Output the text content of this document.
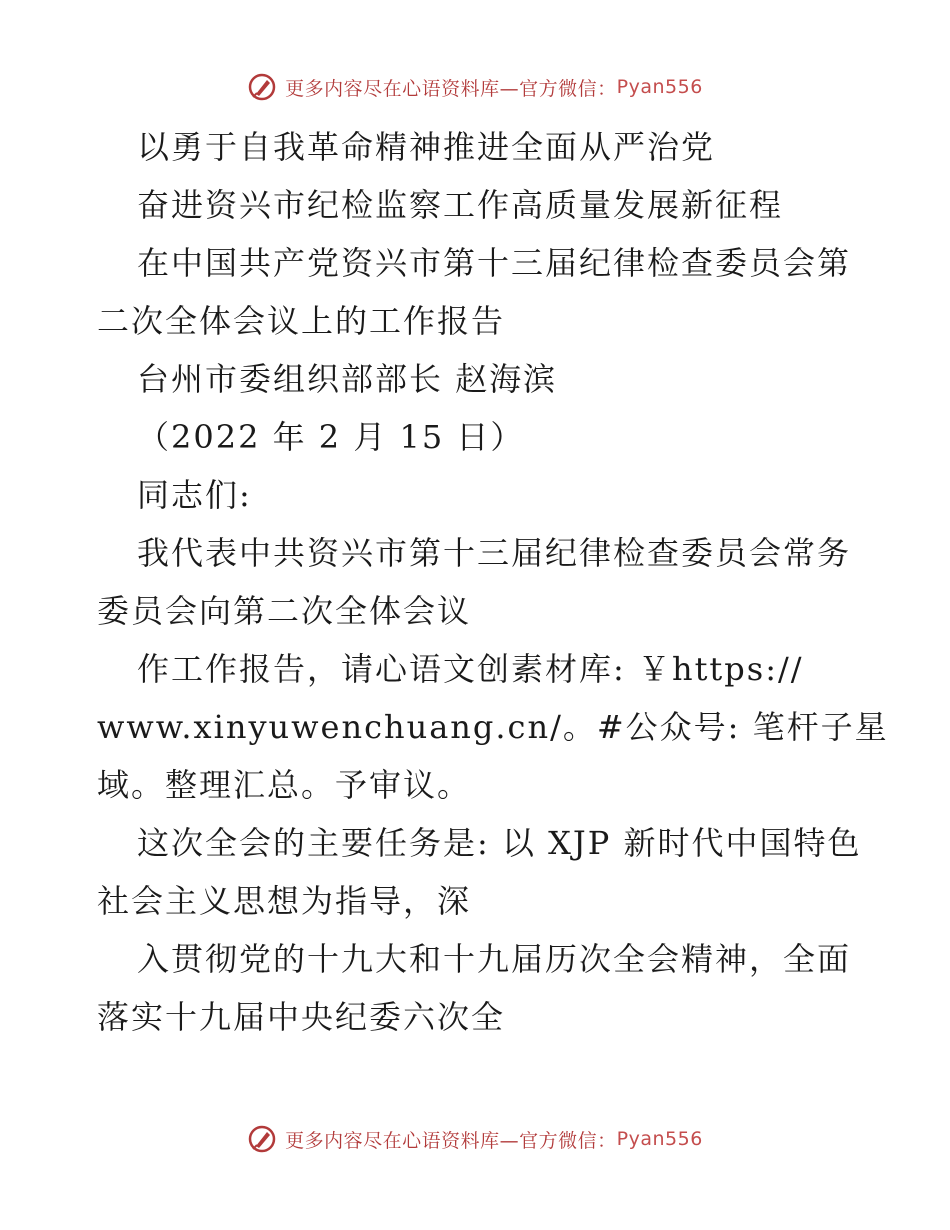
更多内容尽在心语资料库—官方微信： Pyan556
以勇于自我革命精神推进全面从严治党
奋进资兴市纪检监察工作高质量发展新征程
在中国共产党资兴市第十三届纪律检查委员会第
二次全体会议上的工作报告
台州市委组织部部长 赵海滨
（2022 年 2 月 15 日）
同志们:
我代表中共资兴市第十三届纪律检查委员会常务
委员会向第二次全体会议
作工作报告，请心语文创素材库: ￥https://
www.xinyuwenchuang.cn/。#公众号: 笔杆子星
域。整理汇总。予审议。
这次全会的主要任务是: 以 XJP 新时代中国特色
社会主义思想为指导，深
入贯彻党的十九大和十九届历次全会精神，全面
落实十九届中央纪委六次全
更多内容尽在心语资料库—官方微信： Pyan556
